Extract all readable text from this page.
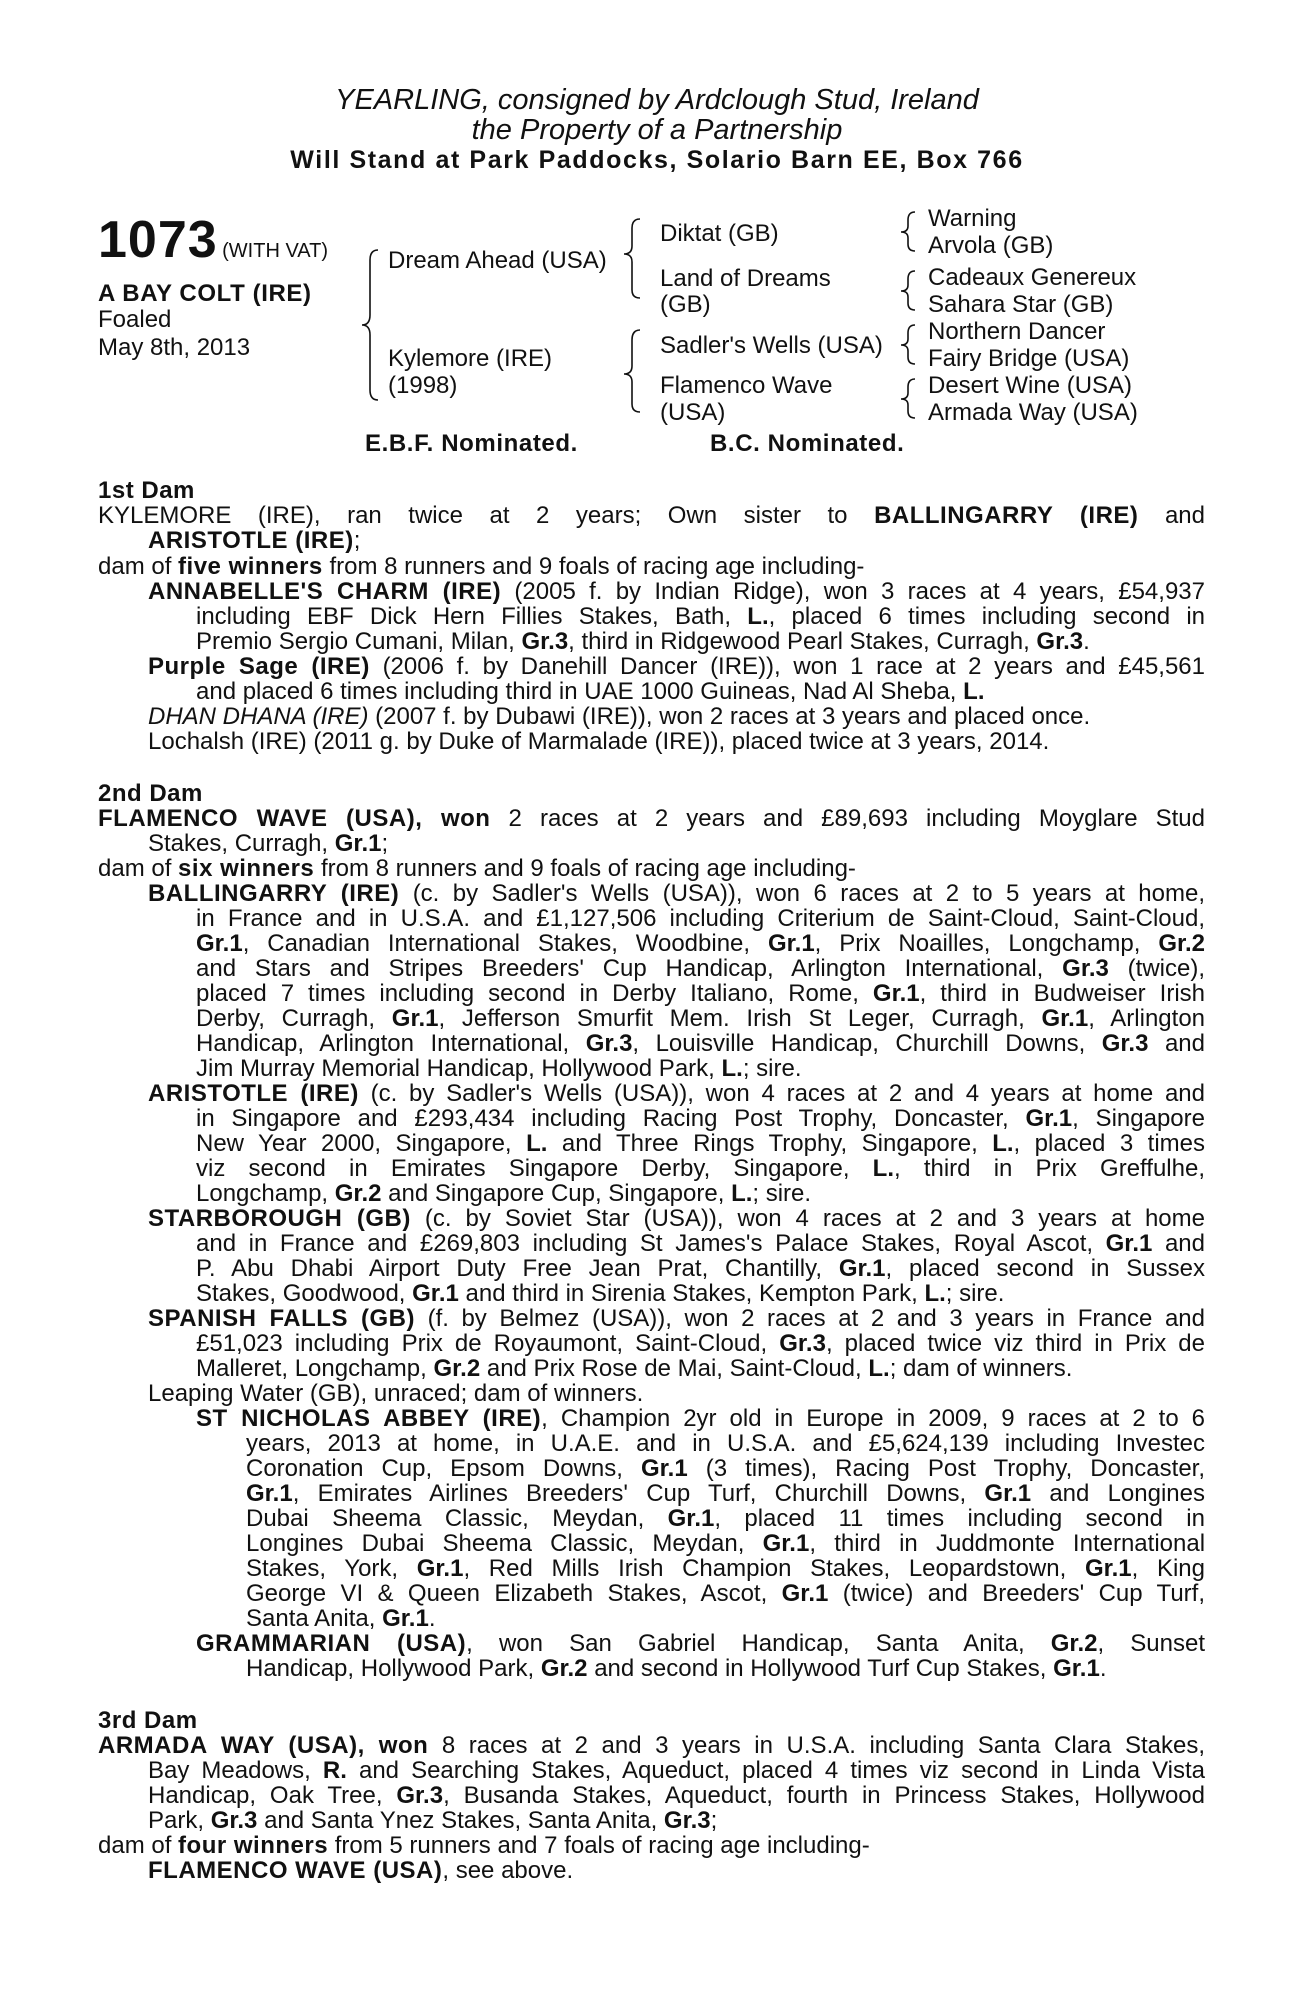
YEARLING, consigned by Ardclough Stud, Ireland
the Property of a Partnership
Will Stand at Park Paddocks, Solario Barn EE, Box 766
1073 (WITH VAT)
A BAY COLT (IRE)
Foaled
May 8th, 2013
Dream Ahead (USA)
Kylemore (IRE)
(1998)
Diktat (GB)
Land of Dreams
(GB)
Sadler's Wells (USA)
Flamenco Wave
(USA)
Warning
Arvola (GB)
Cadeaux Genereux
Sahara Star (GB)
Northern Dancer
Fairy Bridge (USA)
Desert Wine (USA)
Armada Way (USA)
E.B.F. Nominated.	B.C. Nominated.
1st Dam
KYLEMORE (IRE), ran twice at 2 years; Own sister to BALLINGARRY (IRE) and
ARISTOTLE (IRE);
dam of five winners from 8 runners and 9 foals of racing age including-
ANNABELLE'S CHARM (IRE) (2005 f. by Indian Ridge), won 3 races at 4 years, £54,937
including EBF Dick Hern Fillies Stakes, Bath, L., placed 6 times including second in
Premio Sergio Cumani, Milan, Gr.3, third in Ridgewood Pearl Stakes, Curragh, Gr.3.
Purple Sage (IRE) (2006 f. by Danehill Dancer (IRE)), won 1 race at 2 years and £45,561
and placed 6 times including third in UAE 1000 Guineas, Nad Al Sheba, L.
DHAN DHANA (IRE) (2007 f. by Dubawi (IRE)), won 2 races at 3 years and placed once.
Lochalsh (IRE) (2011 g. by Duke of Marmalade (IRE)), placed twice at 3 years, 2014.
2nd Dam
FLAMENCO WAVE (USA), won 2 races at 2 years and £89,693 including Moyglare Stud
Stakes, Curragh, Gr.1;
dam of six winners from 8 runners and 9 foals of racing age including-
BALLINGARRY (IRE) (c. by Sadler's Wells (USA)), won 6 races at 2 to 5 years at home,
in France and in U.S.A. and £1,127,506 including Criterium de Saint-Cloud, Saint-Cloud,
Gr.1, Canadian International Stakes, Woodbine, Gr.1, Prix Noailles, Longchamp, Gr.2
and Stars and Stripes Breeders' Cup Handicap, Arlington International, Gr.3 (twice),
placed 7 times including second in Derby Italiano, Rome, Gr.1, third in Budweiser Irish
Derby, Curragh, Gr.1, Jefferson Smurfit Mem. Irish St Leger, Curragh, Gr.1, Arlington
Handicap, Arlington International, Gr.3, Louisville Handicap, Churchill Downs, Gr.3 and
Jim Murray Memorial Handicap, Hollywood Park, L.; sire.
ARISTOTLE (IRE) (c. by Sadler's Wells (USA)), won 4 races at 2 and 4 years at home and
in Singapore and £293,434 including Racing Post Trophy, Doncaster, Gr.1, Singapore
New Year 2000, Singapore, L. and Three Rings Trophy, Singapore, L., placed 3 times
viz second in Emirates Singapore Derby, Singapore, L., third in Prix Greffulhe,
Longchamp, Gr.2 and Singapore Cup, Singapore, L.; sire.
STARBOROUGH (GB) (c. by Soviet Star (USA)), won 4 races at 2 and 3 years at home
and in France and £269,803 including St James's Palace Stakes, Royal Ascot, Gr.1 and
P. Abu Dhabi Airport Duty Free Jean Prat, Chantilly, Gr.1, placed second in Sussex
Stakes, Goodwood, Gr.1 and third in Sirenia Stakes, Kempton Park, L.; sire.
SPANISH FALLS (GB) (f. by Belmez (USA)), won 2 races at 2 and 3 years in France and
£51,023 including Prix de Royaumont, Saint-Cloud, Gr.3, placed twice viz third in Prix de
Malleret, Longchamp, Gr.2 and Prix Rose de Mai, Saint-Cloud, L.; dam of winners.
Leaping Water (GB), unraced; dam of winners.
ST NICHOLAS ABBEY (IRE), Champion 2yr old in Europe in 2009, 9 races at 2 to 6
years, 2013 at home, in U.A.E. and in U.S.A. and £5,624,139 including Investec
Coronation Cup, Epsom Downs, Gr.1 (3 times), Racing Post Trophy, Doncaster,
Gr.1, Emirates Airlines Breeders' Cup Turf, Churchill Downs, Gr.1 and Longines
Dubai Sheema Classic, Meydan, Gr.1, placed 11 times including second in
Longines Dubai Sheema Classic, Meydan, Gr.1, third in Juddmonte International
Stakes, York, Gr.1, Red Mills Irish Champion Stakes, Leopardstown, Gr.1, King
George VI & Queen Elizabeth Stakes, Ascot, Gr.1 (twice) and Breeders' Cup Turf,
Santa Anita, Gr.1.
GRAMMARIAN (USA), won San Gabriel Handicap, Santa Anita, Gr.2, Sunset
Handicap, Hollywood Park, Gr.2 and second in Hollywood Turf Cup Stakes, Gr.1.
3rd Dam
ARMADA WAY (USA), won 8 races at 2 and 3 years in U.S.A. including Santa Clara Stakes,
Bay Meadows, R. and Searching Stakes, Aqueduct, placed 4 times viz second in Linda Vista
Handicap, Oak Tree, Gr.3, Busanda Stakes, Aqueduct, fourth in Princess Stakes, Hollywood
Park, Gr.3 and Santa Ynez Stakes, Santa Anita, Gr.3;
dam of four winners from 5 runners and 7 foals of racing age including-
FLAMENCO WAVE (USA), see above.
